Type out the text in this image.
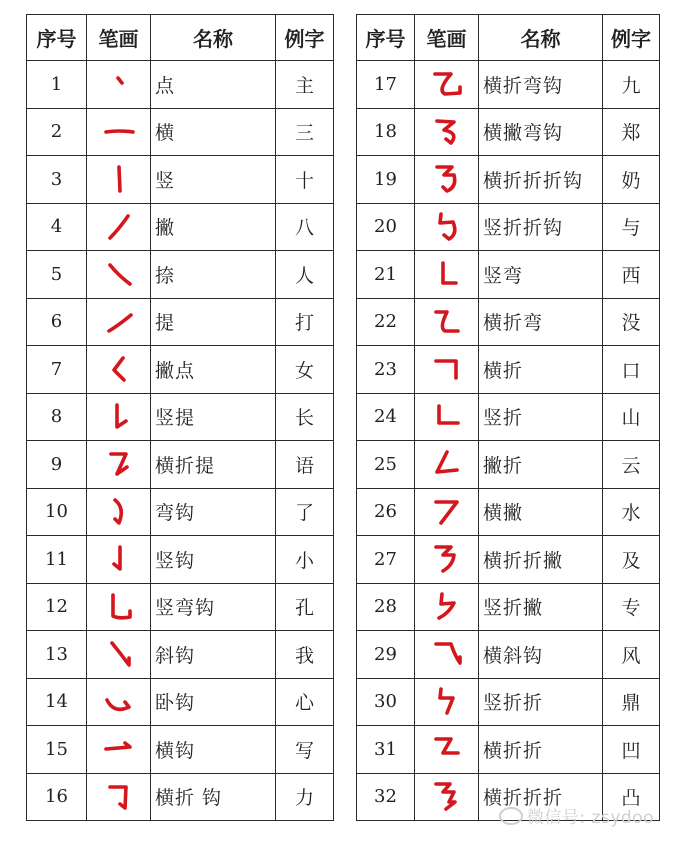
序号	笔画	名称	例字
1		点	主
2		横	三
3		竖	十
4		撇	八
5		捺	人
6		提	打
7		撇点	女
8		竖提	长
9		横折提	语
10		弯钩	了
11		竖钩	小
12		竖弯钩	孔
13		斜钩	我
14		卧钩	心
15		横钩	写
16		横折 钩	力
序号	笔画	名称	例字
17		横折弯钩	九
18		横撇弯钩	郑
19		横折折折钩	奶
20		竖折折钩	与
21		竖弯	西
22		横折弯	没
23		横折	口
24		竖折	山
25		撇折	云
26		横撇	水
27		横折折撇	及
28		竖折撇	专
29		横斜钩	风
30		竖折折	鼎
31		横折折	凹
32		横折折折	凸
微信号: zsydoo
